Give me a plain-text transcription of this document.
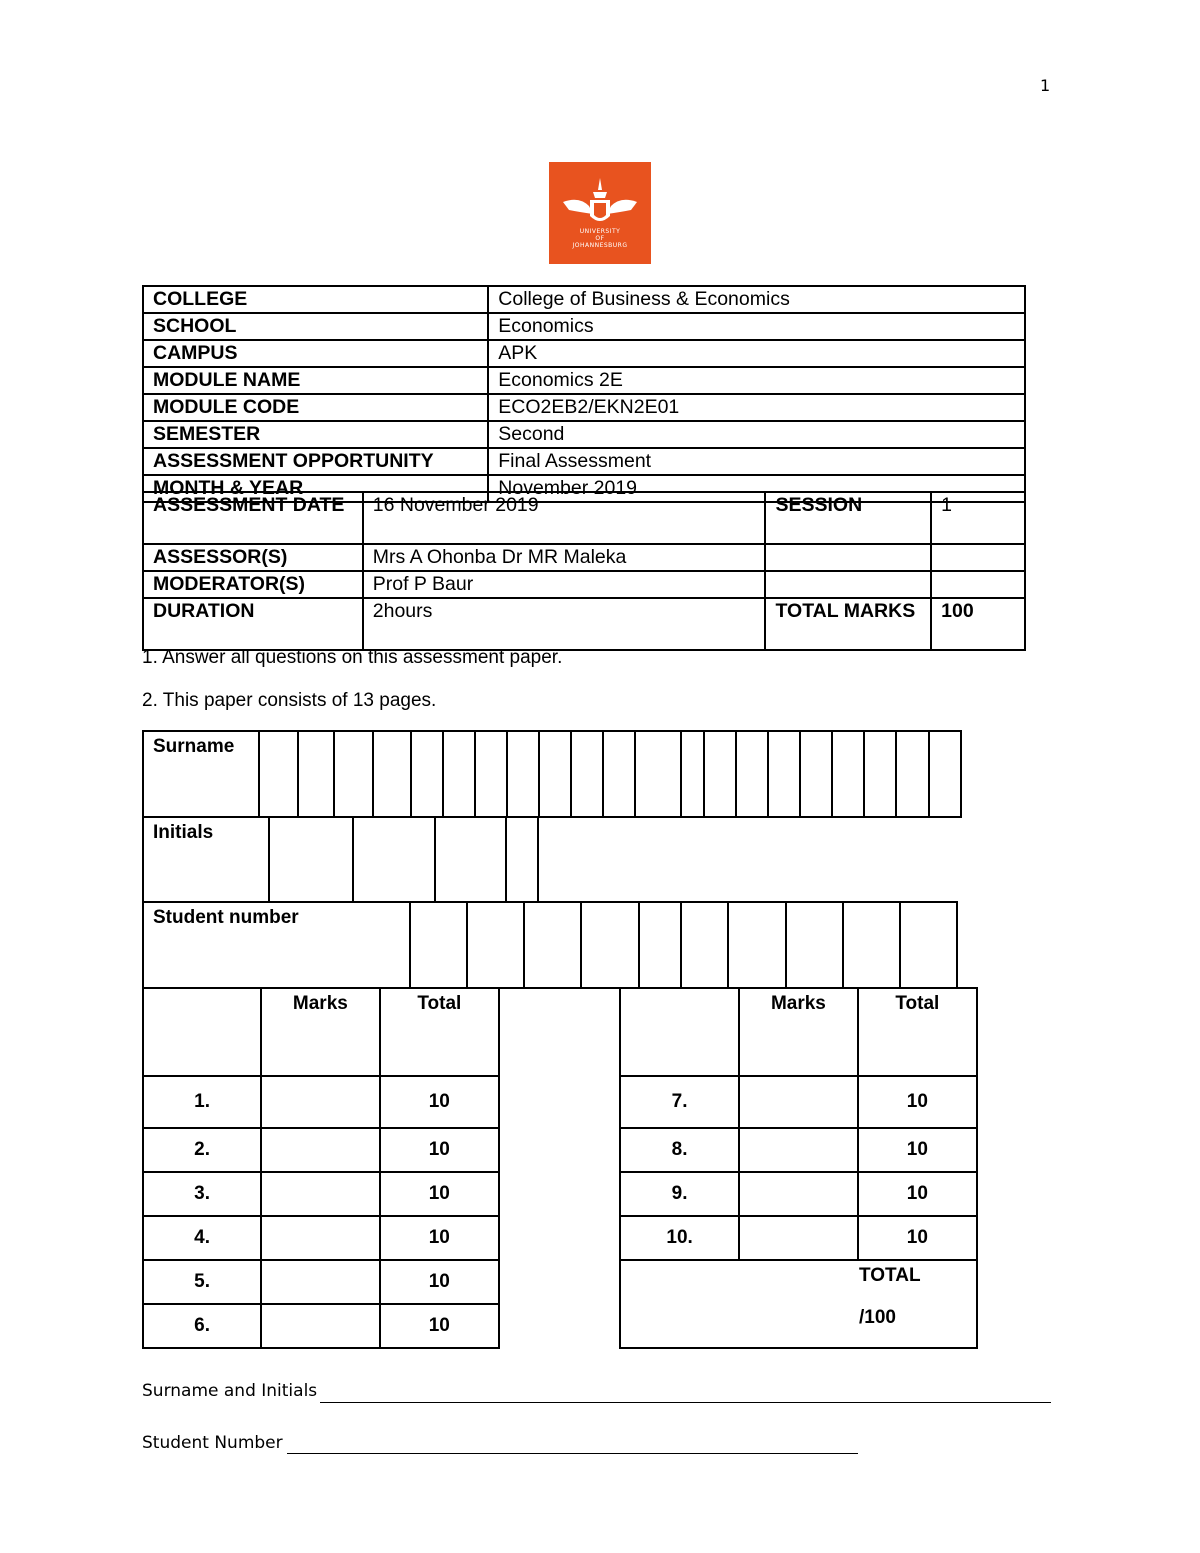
1
UNIVERSITY
OF
JOHANNESBURG
COLLEGE	College of Business & Economics
SCHOOL	Economics
CAMPUS	APK
MODULE NAME	Economics 2E
MODULE CODE	ECO2EB2/EKN2E01
SEMESTER	Second
ASSESSMENT OPPORTUNITY	Final Assessment
MONTH & YEAR	November 2019
ASSESSMENT DATE	16 November 2019	SESSION	1
ASSESSOR(S)	Mrs A Ohonba Dr MR Maleka		
MODERATOR(S)	Prof P Baur		
DURATION	2hours	TOTAL MARKS	100
1. Answer all questions on this assessment paper.
2. This paper consists of 13 pages.
Surname
Initials
Student number
	Marks	Total
1.		10
2.		10
3.		10
4.		10
5.		10
6.		10
	Marks	Total
7.		10
8.		10
9.		10
10.		10

TOTAL
/100		
Surname and Initials
Student Number
